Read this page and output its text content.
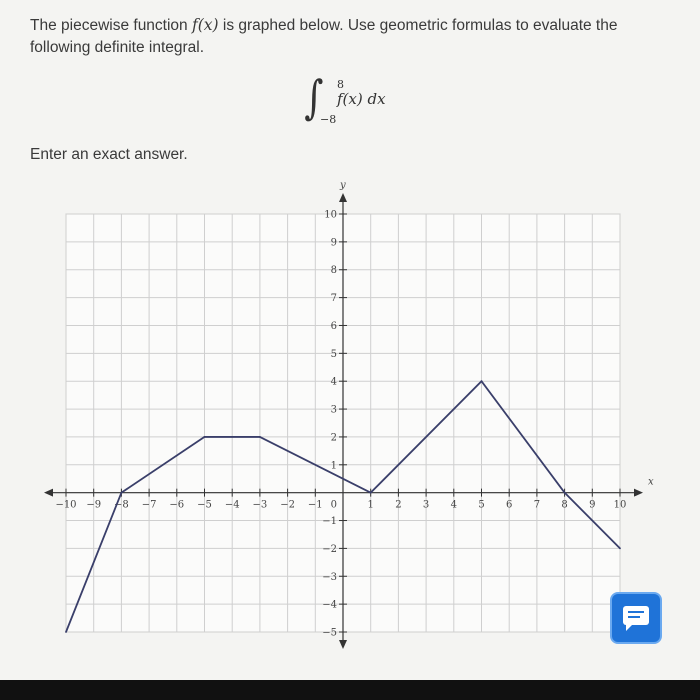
The piecewise function f(x) is graphed below. Use geometric formulas to evaluate the following definite integral.
∫ 8
−8
f(x) dx
Enter an exact answer.
x
y
−10 −9 −8 −7 −6 −5 −4 −3 −2 −1	1 2 3 4 5 6 7 8 9 10
10
9
8
7
6
5
4
3
2
1
−1
−2
−3
−4
−5
0
